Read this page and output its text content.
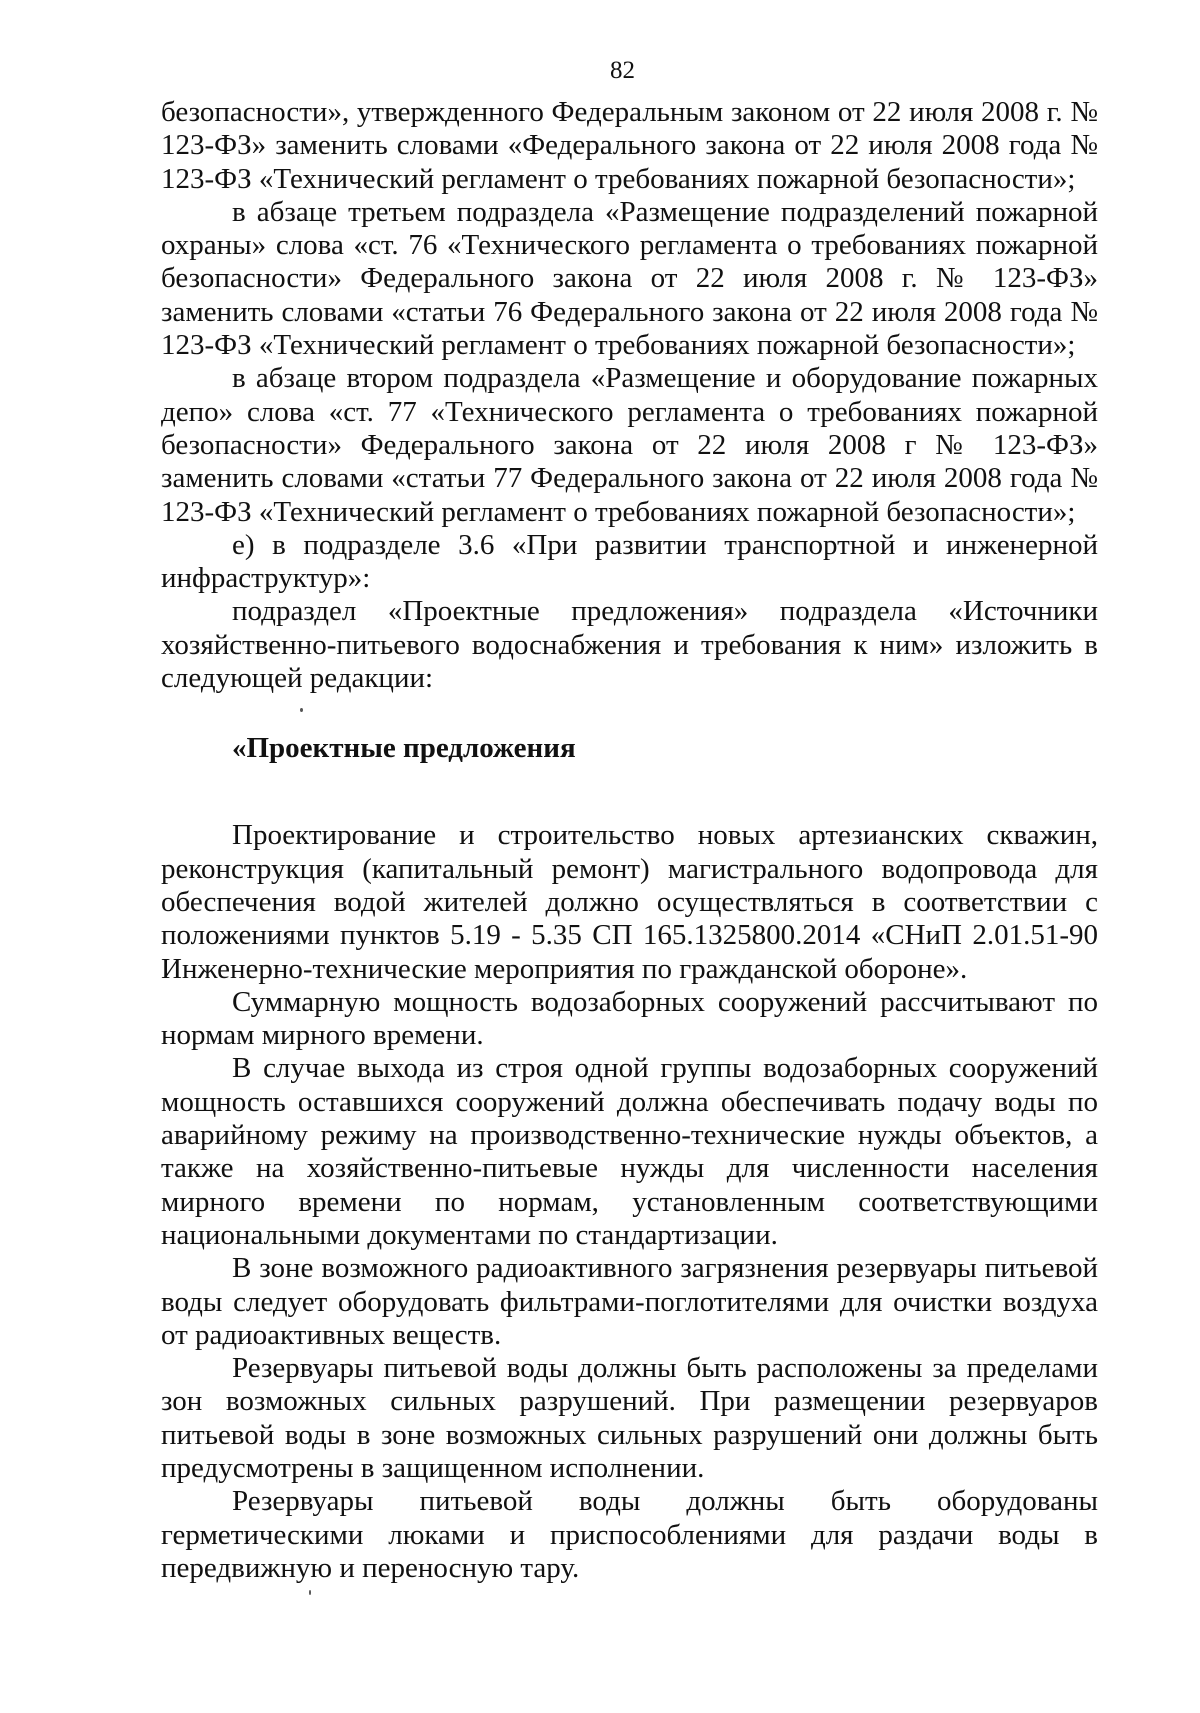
82

безопасности», утвержденного Федеральным законом от 22 июля 2008 г. № 123-ФЗ» заменить словами «Федерального закона от 22 июля 2008 года № 123-ФЗ «Технический регламент о требованиях пожарной безопасности»;

в абзаце третьем подраздела «Размещение подразделений пожарной охраны» слова «ст. 76 «Технического регламента о требованиях пожарной безопасности» Федерального закона от 22 июля 2008 г. № 123-ФЗ» заменить словами «статьи 76 Федерального закона от 22 июля 2008 года № 123-ФЗ «Технический регламент о требованиях пожарной безопасности»;

в абзаце втором подраздела «Размещение и оборудование пожарных депо» слова «ст. 77 «Технического регламента о требованиях пожарной безопасности» Федерального закона от 22 июля 2008 г № 123-ФЗ» заменить словами «статьи 77 Федерального закона от 22 июля 2008 года № 123-ФЗ «Технический регламент о требованиях пожарной безопасности»;

е) в подразделе 3.6 «При развитии транспортной и инженерной инфраструктур»:

подраздел «Проектные предложения» подраздела «Источники хозяйственно-питьевого водоснабжения и требования к ним» изложить в следующей редакции:

«Проектные предложения

Проектирование и строительство новых артезианских скважин, реконструкция (капитальный ремонт) магистрального водопровода для обеспечения водой жителей должно осуществляться в соответствии с положениями пунктов 5.19 - 5.35 СП 165.1325800.2014 «СНиП 2.01.51-90 Инженерно-технические мероприятия по гражданской обороне».

Суммарную мощность водозаборных сооружений рассчитывают по нормам мирного времени.

В случае выхода из строя одной группы водозаборных сооружений мощность оставшихся сооружений должна обеспечивать подачу воды по аварийному режиму на производственно-технические нужды объектов, а также на хозяйственно-питьевые нужды для численности населения мирного времени по нормам, установленным соответствующими национальными документами по стандартизации.

В зоне возможного радиоактивного загрязнения резервуары питьевой воды следует оборудовать фильтрами-поглотителями для очистки воздуха от радиоактивных веществ.

Резервуары питьевой воды должны быть расположены за пределами зон возможных сильных разрушений. При размещении резервуаров питьевой воды в зоне возможных сильных разрушений они должны быть предусмотрены в защищенном исполнении.

Резервуары питьевой воды должны быть оборудованы герметическими люками и приспособлениями для раздачи воды в передвижную и переносную тару.
